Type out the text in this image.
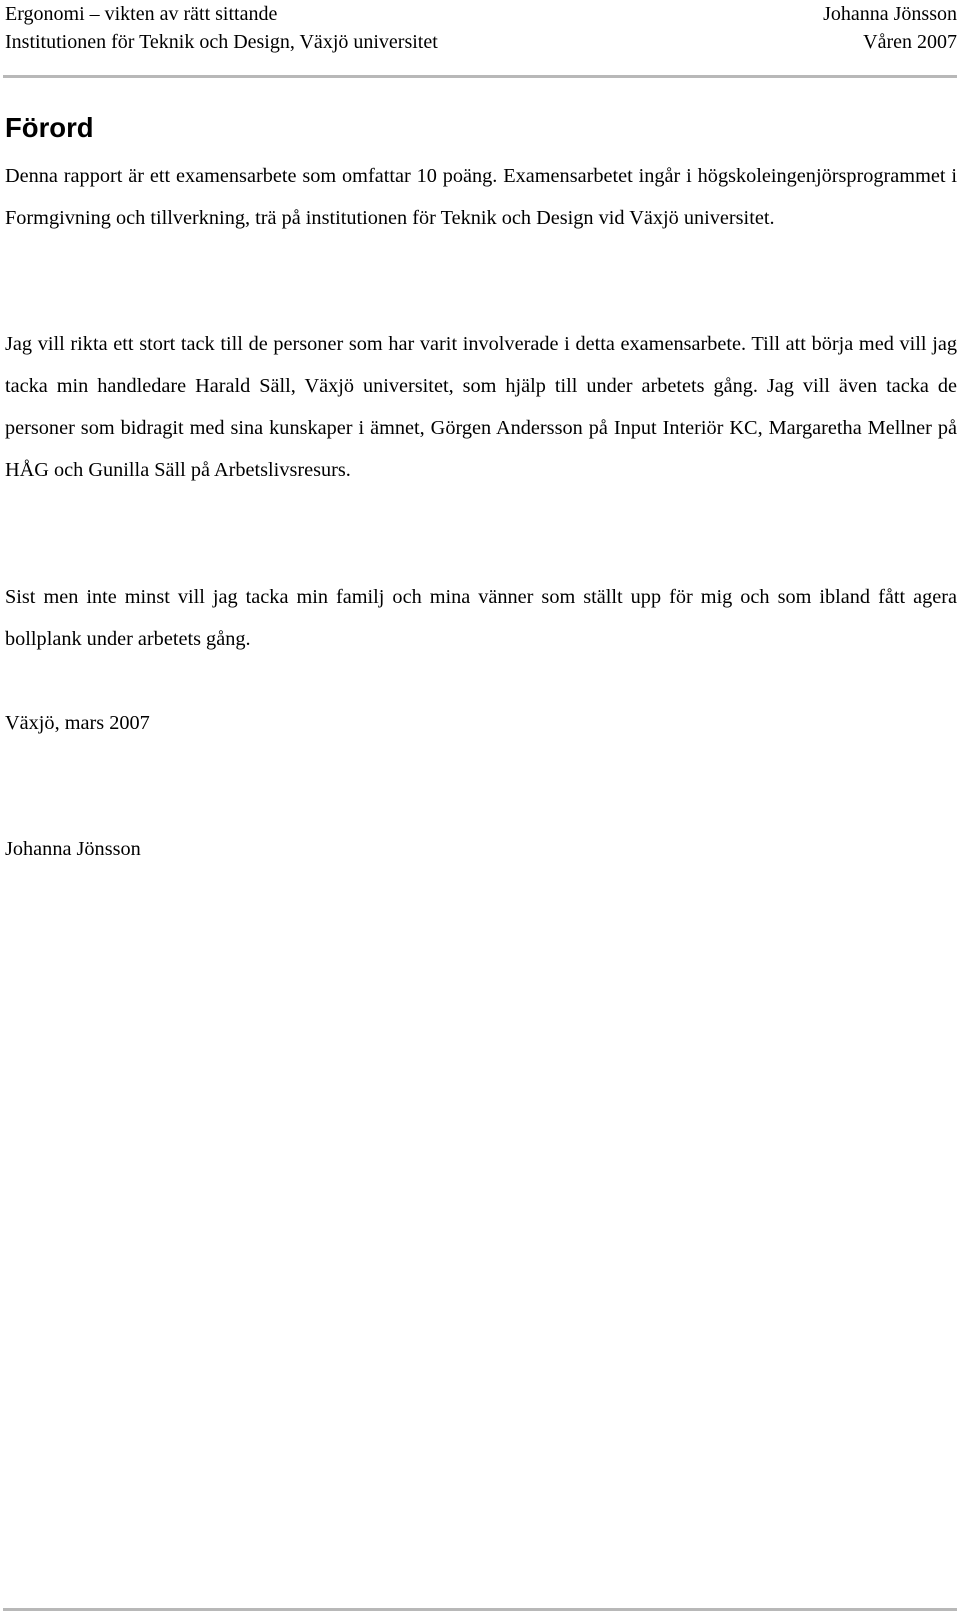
Ergonomi – vikten av rätt sittande	Johanna Jönsson
Institutionen för Teknik och Design, Växjö universitet	Våren 2007
Förord

Denna rapport är ett examensarbete som omfattar 10 poäng. Examensarbetet ingår i högskoleingenjörsprogrammet i Formgivning och tillverkning, trä på institutionen för Teknik och Design vid Växjö universitet.

Jag vill rikta ett stort tack till de personer som har varit involverade i detta examensarbete. Till att börja med vill jag tacka min handledare Harald Säll, Växjö universitet, som hjälp till under arbetets gång. Jag vill även tacka de personer som bidragit med sina kunskaper i ämnet, Görgen Andersson på Input Interiör KC, Margaretha Mellner på HÅG och Gunilla Säll på Arbetslivsresurs.

Sist men inte minst vill jag tacka min familj och mina vänner som ställt upp för mig och som ibland fått agera bollplank under arbetets gång.

Växjö, mars 2007

Johanna Jönsson
